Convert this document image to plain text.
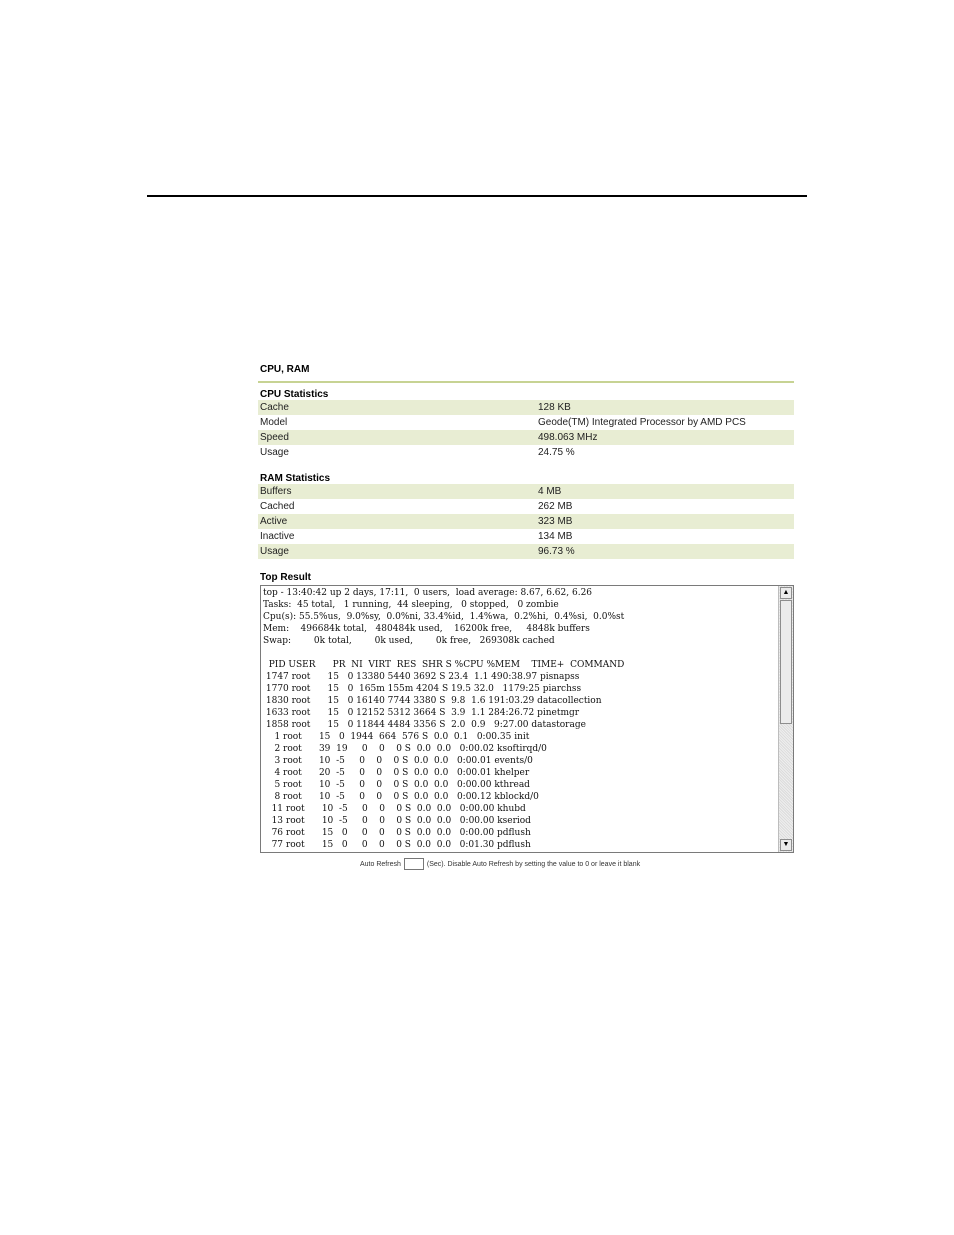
CPU, RAM
CPU Statistics
Cache	128 KB
Model	Geode(TM) Integrated Processor by AMD PCS
Speed	498.063 MHz
Usage	24.75 %
RAM Statistics
Buffers	4 MB
Cached	262 MB
Active	323 MB
Inactive	134 MB
Usage	96.73 %
Top Result
top - 13:40:42 up 2 days, 17:11,  0 users,  load average: 8.67, 6.62, 6.26
Tasks:  45 total,   1 running,  44 sleeping,   0 stopped,   0 zombie
Cpu(s): 55.5%us,  9.0%sy,  0.0%ni, 33.4%id,  1.4%wa,  0.2%hi,  0.4%si,  0.0%st
Mem:    496684k total,   480484k used,    16200k free,     4848k buffers
Swap:        0k total,        0k used,        0k free,   269308k cached

PID USER      PR  NI  VIRT  RES  SHR S %CPU %MEM    TIME+  COMMAND
1747 root      15   0 13380 5440 3692 S 23.4  1.1 490:38.97 pisnapss
1770 root      15   0  165m 155m 4204 S 19.5 32.0   1179:25 piarchss
1830 root      15   0 16140 7744 3380 S  9.8  1.6 191:03.29 datacollection
1633 root      15   0 12152 5312 3664 S  3.9  1.1 284:26.72 pinetmgr
1858 root      15   0 11844 4484 3356 S  2.0  0.9   9:27.00 datastorage
1 root      15   0  1944  664  576 S  0.0  0.1   0:00.35 init
2 root      39  19     0    0    0 S  0.0  0.0   0:00.02 ksoftirqd/0
3 root      10  -5     0    0    0 S  0.0  0.0   0:00.01 events/0
4 root      20  -5     0    0    0 S  0.0  0.0   0:00.01 khelper
5 root      10  -5     0    0    0 S  0.0  0.0   0:00.00 kthread
8 root      10  -5     0    0    0 S  0.0  0.0   0:00.12 kblockd/0
11 root      10  -5     0    0    0 S  0.0  0.0   0:00.00 khubd
13 root      10  -5     0    0    0 S  0.0  0.0   0:00.00 kseriod
76 root      15   0     0    0    0 S  0.0  0.0   0:00.00 pdflush
77 root      15   0     0    0    0 S  0.0  0.0   0:01.30 pdflush
▲
▼
Auto Refresh	(Sec). Disable Auto Refresh by setting the value to 0 or leave it blank
